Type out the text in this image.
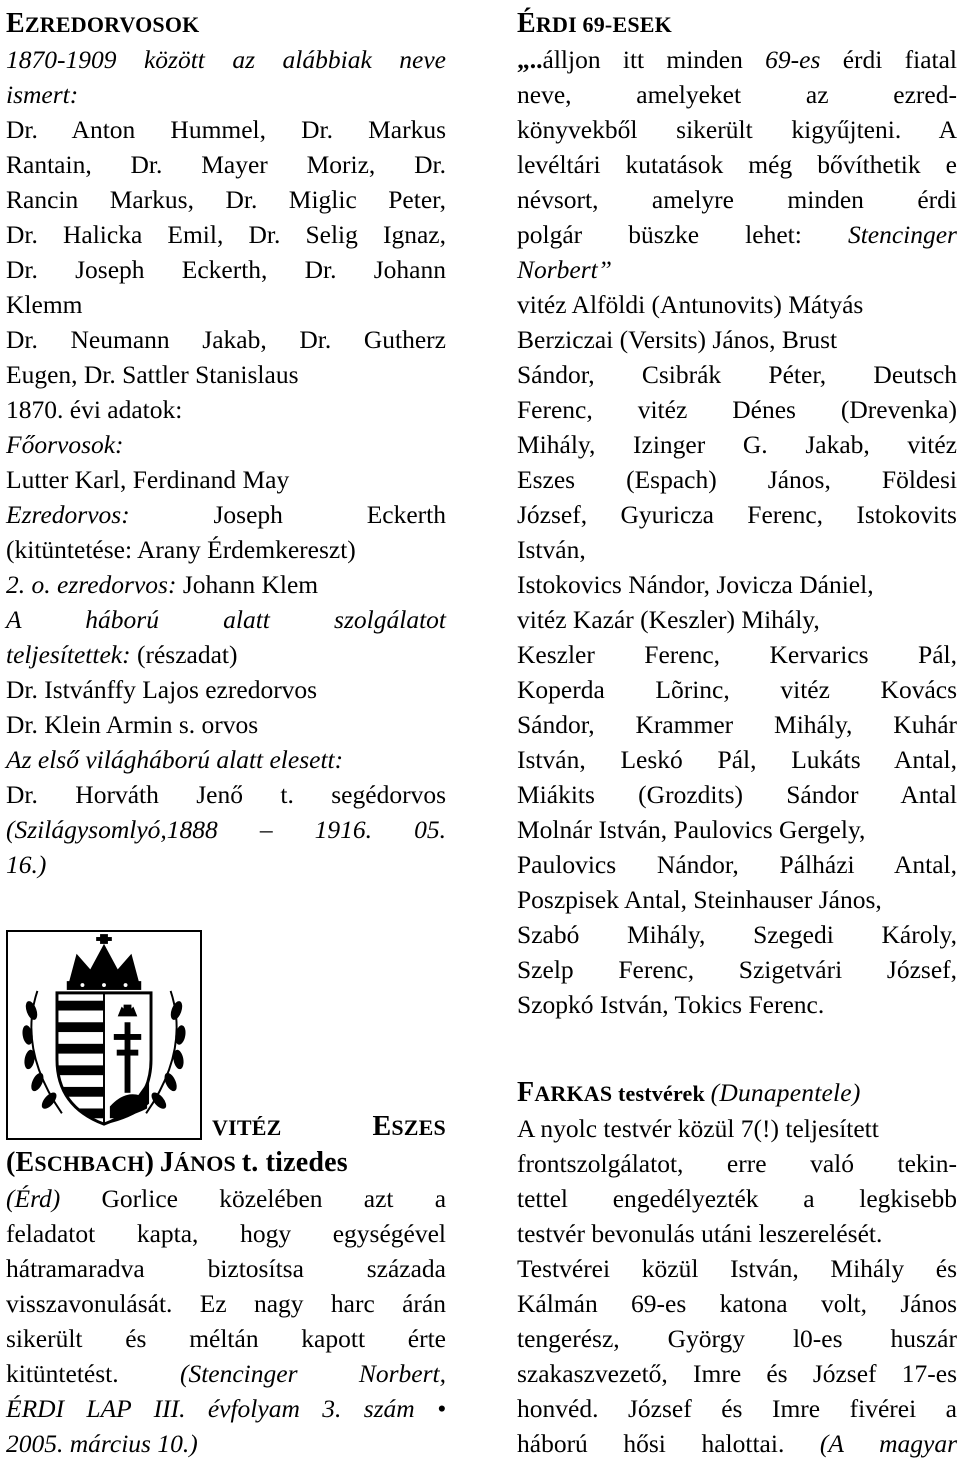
EZREDORVOSOK

1870-1909 között az alábbiak neve

ismert:

Dr. Anton Hummel, Dr. Markus

Rantain, Dr. Mayer Moriz, Dr.

Rancin Markus, Dr. Miglic Peter,

Dr. Halicka Emil, Dr. Selig Ignaz,

Dr. Joseph Eckerth, Dr. Johann

Klemm

Dr. Neumann Jakab, Dr. Gutherz

Eugen, Dr. Sattler Stanislaus

1870. évi adatok:

Főorvosok:

Lutter Karl, Ferdinand May

Ezredorvos:	Joseph Eckerth

(kitüntetése: Arany Érdemkereszt)

2. o. ezredorvos: Johann Klem

A háború alatt szolgálatot

teljesítettek: (részadat)

Dr. Istvánffy Lajos ezredorvos

Dr. Klein Armin s. orvos

Az első világháború alatt elesett:

Dr. Horváth Jenő t. segédorvos

(Szilágysomlyó,1888 – 1916. 05.

16.)

VITÉZ	ESZES

(ESCHBACH) JÁNOS t. tizedes

(Érd) Gorlice közelében azt a

feladatot kapta, hogy egységével

hátramaradva biztosítsa százada

visszavonulását. Ez nagy harc árán

sikerült és méltán kapott érte

kitüntetést. (Stencinger Norbert,

ÉRDI LAP III. évfolyam 3. szám •

2005. március 10.)

ÉRDI 69-ESEK

„..álljon itt minden 69-es érdi fiatal

neve, amelyeket az ezred-

könyvekből sikerült kigyűjteni. A

levéltári kutatások még bővíthetik e

névsort, amelyre minden érdi

polgár büszke lehet: Stencinger

Norbert”

vitéz Alföldi (Antunovits) Mátyás

Berziczai (Versits) János, Brust

Sándor, Csibrák Péter, Deutsch

Ferenc, vitéz Dénes (Drevenka)

Mihály, Izinger G. Jakab, vitéz

Eszes (Espach) János, Földesi

József, Gyuricza Ferenc, Istokovits

István,

Istokovics Nándor, Jovicza Dániel,

vitéz Kazár (Keszler) Mihály,

Keszler Ferenc, Kervarics Pál,

Koperda Lõrinc, vitéz Kovács

Sándor, Krammer Mihály, Kuhár

István, Leskó Pál, Lukáts Antal,

Miákits (Grozdits) Sándor Antal

Molnár István, Paulovics Gergely,

Paulovics Nándor, Pálházi Antal,

Poszpisek Antal, Steinhauser János,

Szabó Mihály, Szegedi Károly,

Szelp Ferenc, Szigetvári József,

Szopkó István, Tokics Ferenc.

FARKAS testvérek (Dunapentele)

A nyolc testvér közül 7(!) teljesített

frontszolgálatot, erre való tekin-

tettel engedélyezték a legkisebb

testvér bevonulás utáni leszerelését.

Testvérei közül István, Mihály és

Kálmán 69-es katona volt, János

tengerész, György l0-es huszár

szakaszvezető, Imre és József 17-es

honvéd. József és Imre fivérei a

háború hősi halottai. (A magyar
